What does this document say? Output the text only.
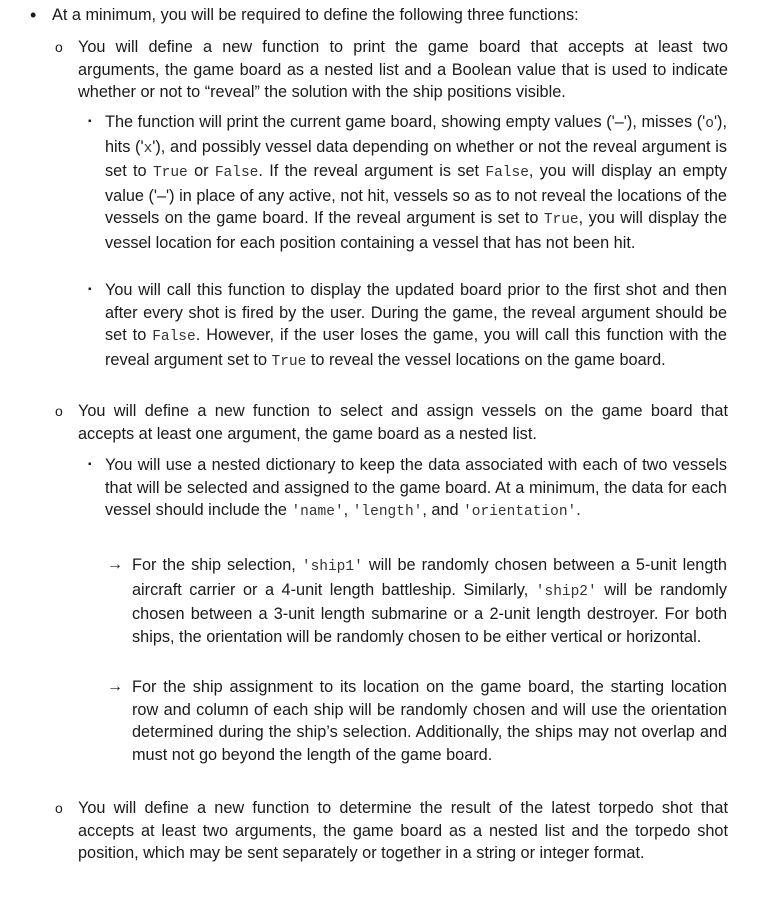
• At a minimum, you will be required to define the following three functions:
o You will define a new function to print the game board that accepts at least two arguments, the game board as a nested list and a Boolean value that is used to indicate whether or not to “reveal” the solution with the ship positions visible.
▪ The function will print the current game board, showing empty values ('–'), misses ('o'), hits ('x'), and possibly vessel data depending on whether or not the reveal argument is set to True or False. If the reveal argument is set False, you will display an empty value ('–') in place of any active, not hit, vessels so as to not reveal the locations of the vessels on the game board. If the reveal argument is set to True, you will display the vessel location for each position containing a vessel that has not been hit.
▪ You will call this function to display the updated board prior to the first shot and then after every shot is fired by the user. During the game, the reveal argument should be set to False. However, if the user loses the game, you will call this function with the reveal argument set to True to reveal the vessel locations on the game board.
o You will define a new function to select and assign vessels on the game board that accepts at least one argument, the game board as a nested list.
▪ You will use a nested dictionary to keep the data associated with each of two vessels that will be selected and assigned to the game board. At a minimum, the data for each vessel should include the 'name', 'length', and 'orientation'.
→ For the ship selection, 'ship1' will be randomly chosen between a 5-unit length aircraft carrier or a 4-unit length battleship. Similarly, 'ship2' will be randomly chosen between a 3-unit length submarine or a 2-unit length destroyer. For both ships, the orientation will be randomly chosen to be either vertical or horizontal.
→ For the ship assignment to its location on the game board, the starting location row and column of each ship will be randomly chosen and will use the orientation determined during the ship’s selection. Additionally, the ships may not overlap and must not go beyond the length of the game board.
o You will define a new function to determine the result of the latest torpedo shot that accepts at least two arguments, the game board as a nested list and the torpedo shot position, which may be sent separately or together in a string or integer format.
